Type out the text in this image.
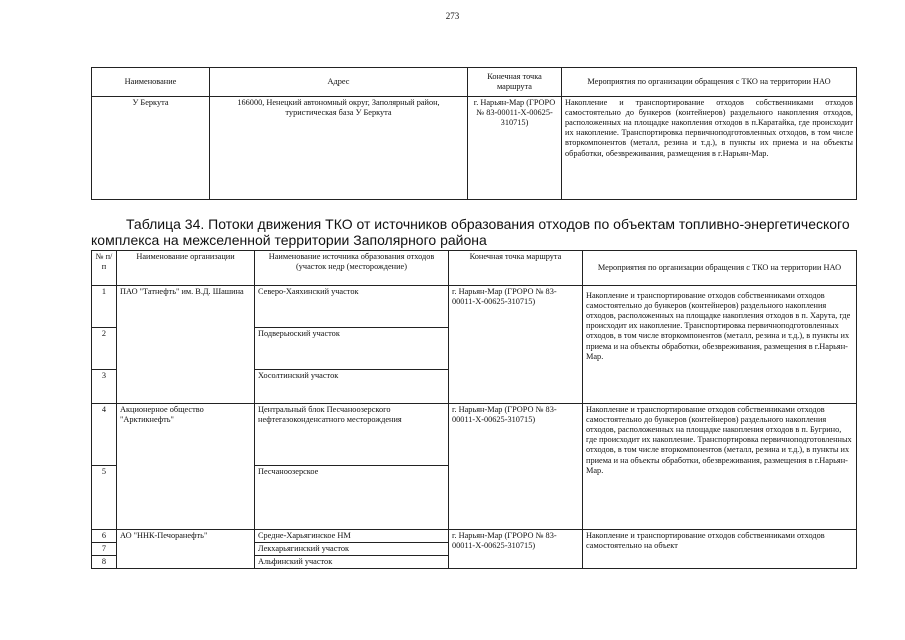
273
Наименование	Адрес	Конечная точка маршрута	Мероприятия по организации обращения с ТКО на территории НАО
У Беркута	166000, Ненецкий автономный округ, Заполярный район, туристическая база У Беркута	г. Нарьян-Мар (ГРОРО № 83-00011-Х-00625-310715)	Накопление и транспортирование отходов собственниками отходов самостоятельно до бункеров (контейнеров) раздельного накопления отходов, расположенных на площадке накопления отходов в п.Каратайка, где происходит их накопление. Транспортировка первичноподготовленных отходов, в том числе вторкомпонентов (металл, резина и т.д.), в пункты их приема и на объекты обработки, обезвреживания, размещения в г.Нарьян-Мар.

Таблица 34. Потоки движения ТКО от источников образования отходов по объектам топливно-энергетического комплекса на межселенной территории Заполярного района

№ п/п	Наименование организации	Наименование источника образования отходов (участок недр (месторождение)	Конечная точка маршрута	Мероприятия по организации обращения с ТКО на территории НАО
1	ПАО "Татнефть" им. В.Д. Шашина	Северо-Хаяхинский участок	г. Нарьян-Мар (ГРОРО № 83-00011-Х-00625-310715)	Накопление и транспортирование отходов собственниками отходов самостоятельно до бункеров (контейнеров) раздельного накопления отходов, расположенных на площадке накопления отходов в п. Харута, где происходит их накопление. Транспортировка первичноподготовленных отходов, в том числе вторкомпонентов (металл, резина и т.д.), в пункты их приема и на объекты обработки, обезвреживания, размещения в г.Нарьян-Мар.
2		Подверьюский участок		
3		Хосолтинский участок		
4	Акционерное общество "Арктикнефть"	Центральный блок Песчаноозерского нефтегазоконденсатного месторождения	г. Нарьян-Мар (ГРОРО № 83-00011-Х-00625-310715)	Накопление и транспортирование отходов собственниками отходов самостоятельно до бункеров (контейнеров) раздельного накопления отходов, расположенных на площадке накопления отходов в п. Бугрино, где происходит их накопление. Транспортировка первичноподготовленных отходов, в том числе вторкомпонентов (металл, резина и т.д.), в пункты их приема и на объекты обработки, обезвреживания, размещения в г.Нарьян-Мар.
5		Песчаноозерское		
6	АО "ННК-Печоранефть"	Средне-Харьягинское НМ	г. Нарьян-Мар (ГРОРО № 83-00011-Х-00625-310715)	Накопление и транспортирование отходов собственниками отходов самостоятельно на объект
7		Лекхарьягинский участок		
8		Альфинский участок		
